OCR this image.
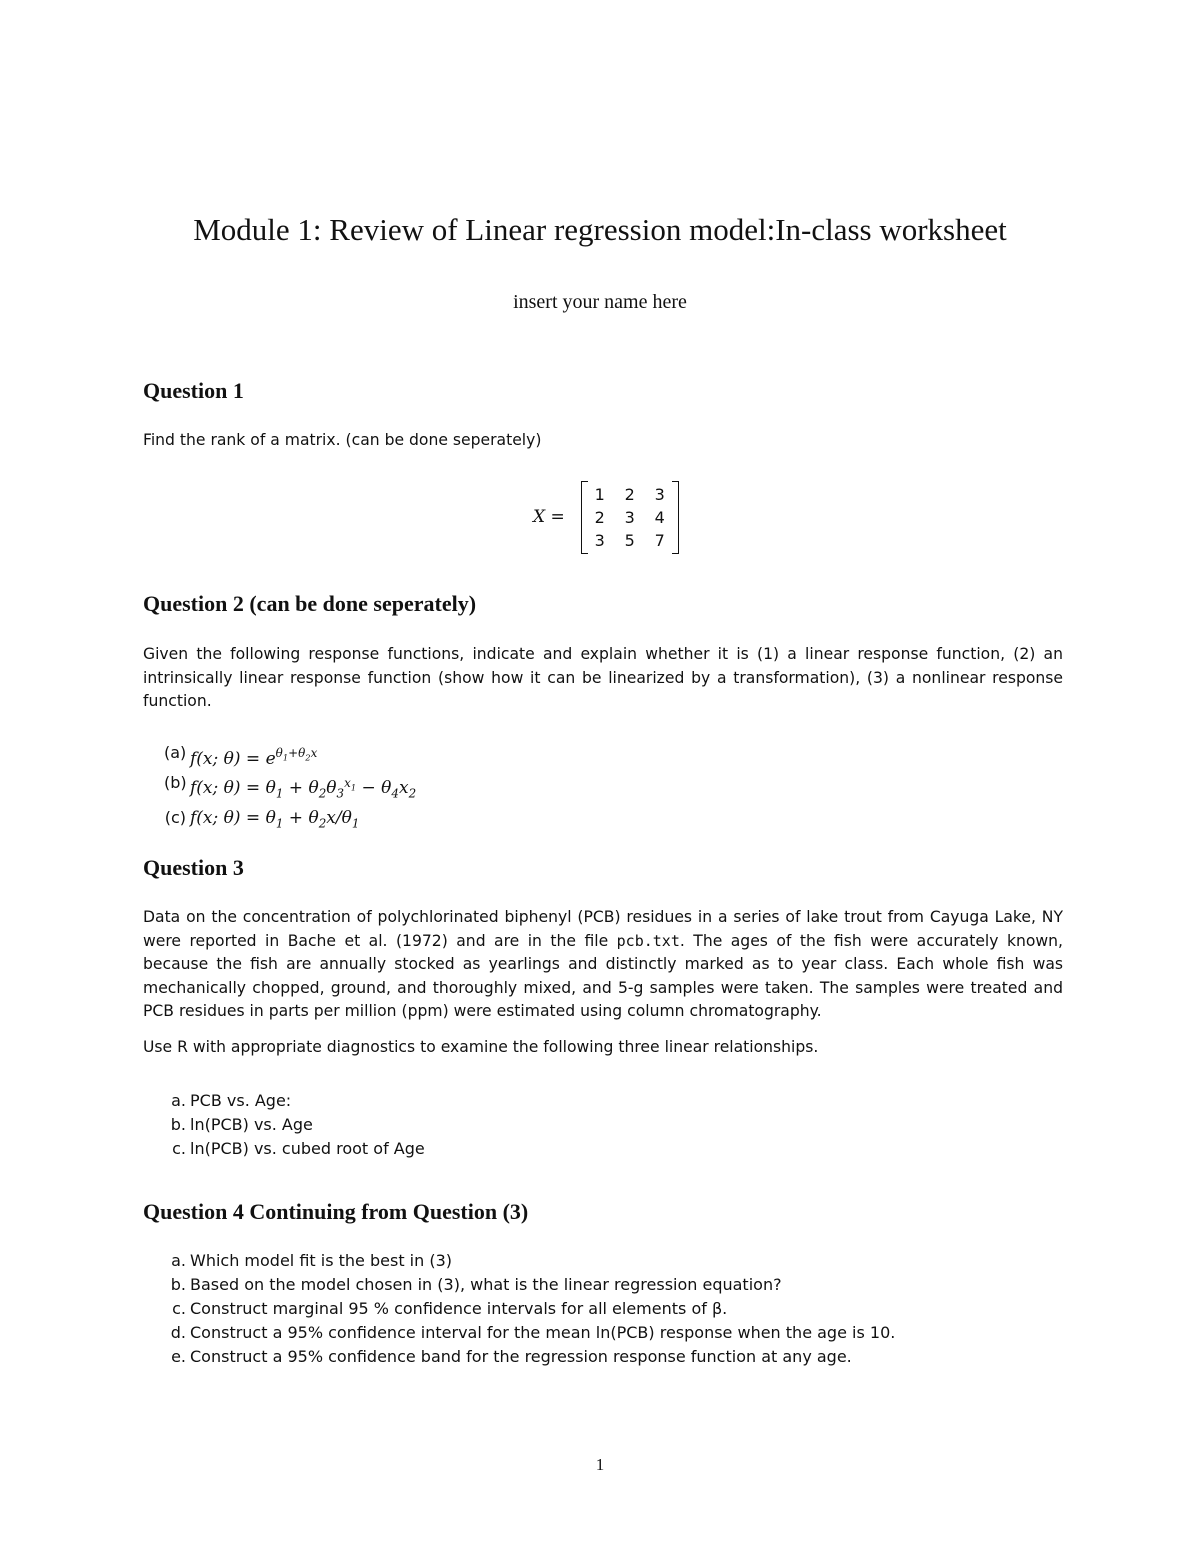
Module 1: Review of Linear regression model:In-class worksheet
insert your name here
Question 1

Find the rank of a matrix. (can be done seperately)

X =
1	2	3
2	3	4
3	5	7
Question 2 (can be done seperately)

Given the following response functions, indicate and explain whether it is (1) a linear response function, (2) an intrinsically linear response function (show how it can be linearized by a transformation), (3) a nonlinear response function.

(a) f(x; $\theta) = e^{\theta_1+\theta_2x}$
(b) f(x; $\theta) = \theta_1 + \theta_2\theta_3^{x_1} - \theta_4x_2$
(c) f(x; $\theta) = \theta_1 + \theta_2x/\theta_1$
Question 3

Data on the concentration of polychlorinated biphenyl (PCB) residues in a series of lake trout from Cayuga Lake, NY were reported in Bache et al. (1972) and are in the file pcb.txt. The ages of the fish were accurately known, because the fish are annually stocked as yearlings and distinctly marked as to year class. Each whole fish was mechanically chopped, ground, and thoroughly mixed, and 5-g samples were taken. The samples were treated and PCB residues in parts per million (ppm) were estimated using column chromatography.

Use R with appropriate diagnostics to examine the following three linear relationships.

a. PCB vs. Age:
b. ln(PCB) vs. Age
c. ln(PCB) vs. cubed root of Age
Question 4 Continuing from Question (3)
a. Which model fit is the best in (3)
b. Based on the model chosen in (3), what is the linear regression equation?
c. Construct marginal 95 % confidence intervals for all elements of β.
d. Construct a 95% confidence interval for the mean ln(PCB) response when the age is 10.
e. Construct a 95% confidence band for the regression response function at any age.
1
